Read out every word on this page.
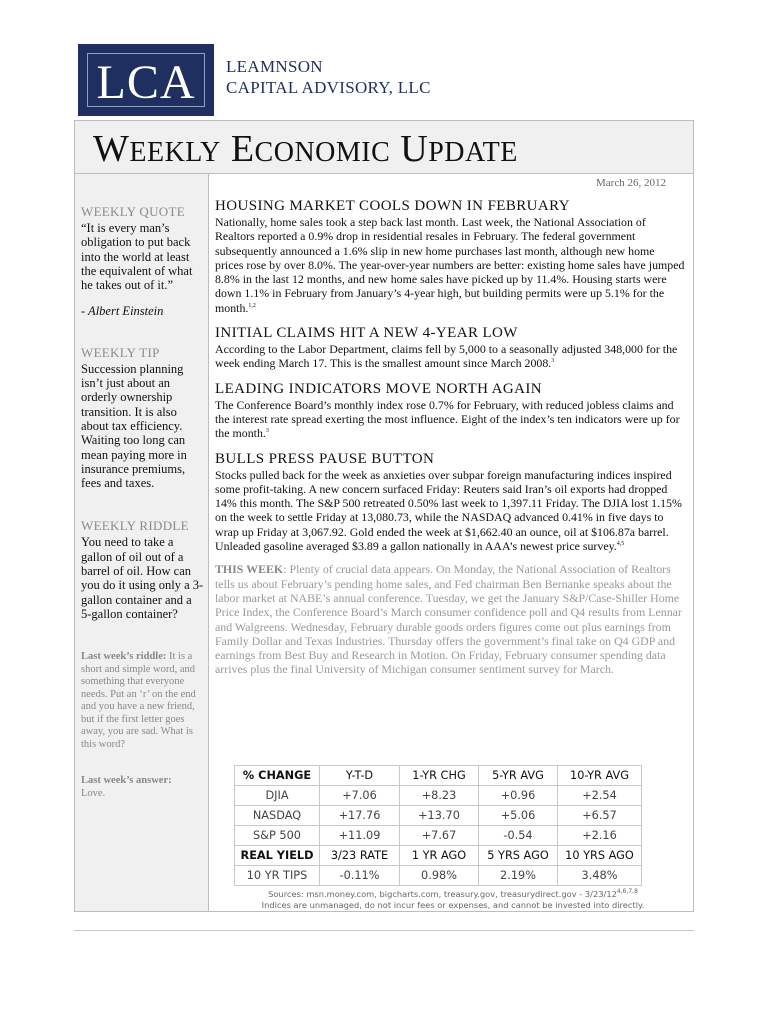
LCA	LEAMNSON
CAPITAL ADVISORY, LLC
WEEKLY ECONOMIC UPDATE
WEEKLY QUOTE
“It is every man’s obligation to put back into the world at least the equivalent of what he takes out of it.”
- Albert Einstein
WEEKLY TIP
Succession planning isn’t just about an orderly ownership transition. It is also about tax efficiency. Waiting too long can mean paying more in insurance premiums, fees and taxes.
WEEKLY RIDDLE
You need to take a gallon of oil out of a barrel of oil. How can you do it using only a 3-gallon container and a 5-gallon container?
Last week’s riddle: It is a short and simple word, and something that everyone needs. Put an ‘r’ on the end and you have a new friend, but if the first letter goes away, you are sad. What is this word?
Last week’s answer:
Love.
March 26, 2012
HOUSING MARKET COOLS DOWN IN FEBRUARY

Nationally, home sales took a step back last month. Last week, the National Association of Realtors reported a 0.9% drop in residential resales in February. The federal government subsequently announced a 1.6% slip in new home purchases last month, although new home prices rose by over 8.0%. The year-over-year numbers are better: existing home sales have jumped 8.8% in the last 12 months, and new home sales have picked up by 11.4%. Housing starts were down 1.1% in February from January’s 4-year high, but building permits were up 5.1% for the month.$^{1,2}$

INITIAL CLAIMS HIT A NEW 4-YEAR LOW

According to the Labor Department, claims fell by 5,000 to a seasonally adjusted 348,000 for the week ending March 17. This is the smallest amount since March 2008.$^3$

LEADING INDICATORS MOVE NORTH AGAIN

The Conference Board’s monthly index rose 0.7% for February, with reduced jobless claims and the interest rate spread exerting the most influence. Eight of the index’s ten indicators were up for the month.$^3$

BULLS PRESS PAUSE BUTTON

Stocks pulled back for the week as anxieties over subpar foreign manufacturing indices inspired some profit-taking. A new concern surfaced Friday: Reuters said Iran’s oil exports had dropped 14% this month. The S&P 500 retreated 0.50% last week to 1,397.11 Friday. The DJIA lost 1.15% on the week to settle Friday at 13,080.73, while the NASDAQ advanced 0.41% in five days to wrap up Friday at 3,067.92. Gold ended the week at $1,662.40 an ounce, oil at $106.87a barrel. Unleaded gasoline averaged $3.89 a gallon nationally in AAA’s newest price survey.$^{4,5}$

THIS WEEK: Plenty of crucial data appears. On Monday, the National Association of Realtors tells us about February’s pending home sales, and Fed chairman Ben Bernanke speaks about the labor market at NABE’s annual conference. Tuesday, we get the January S&P/Case-Shiller Home Price Index, the Conference Board’s March consumer confidence poll and Q4 results from Lennar and Walgreens. Wednesday, February durable goods orders figures come out plus earnings from Family Dollar and Texas Industries. Thursday offers the government’s final take on Q4 GDP and earnings from Best Buy and Research in Motion. On Friday, February consumer spending data arrives plus the final University of Michigan consumer sentiment survey for March.

% CHANGE	Y-T-D	1-YR CHG	5-YR AVG	10-YR AVG
DJIA	+7.06	+8.23	+0.96	+2.54
NASDAQ	+17.76	+13.70	+5.06	+6.57
S&P 500	+11.09	+7.67	-0.54	+2.16
REAL YIELD	3/23 RATE	1 YR AGO	5 YRS AGO	10 YRS AGO
10 YR TIPS	-0.11%	0.98%	2.19%	3.48%
Sources: msn.money.com, bigcharts.com, treasury.gov, treasurydirect.gov - 3/23/12$^{4,6,7,8}$
Indices are unmanaged, do not incur fees or expenses, and cannot be invested into directly.
